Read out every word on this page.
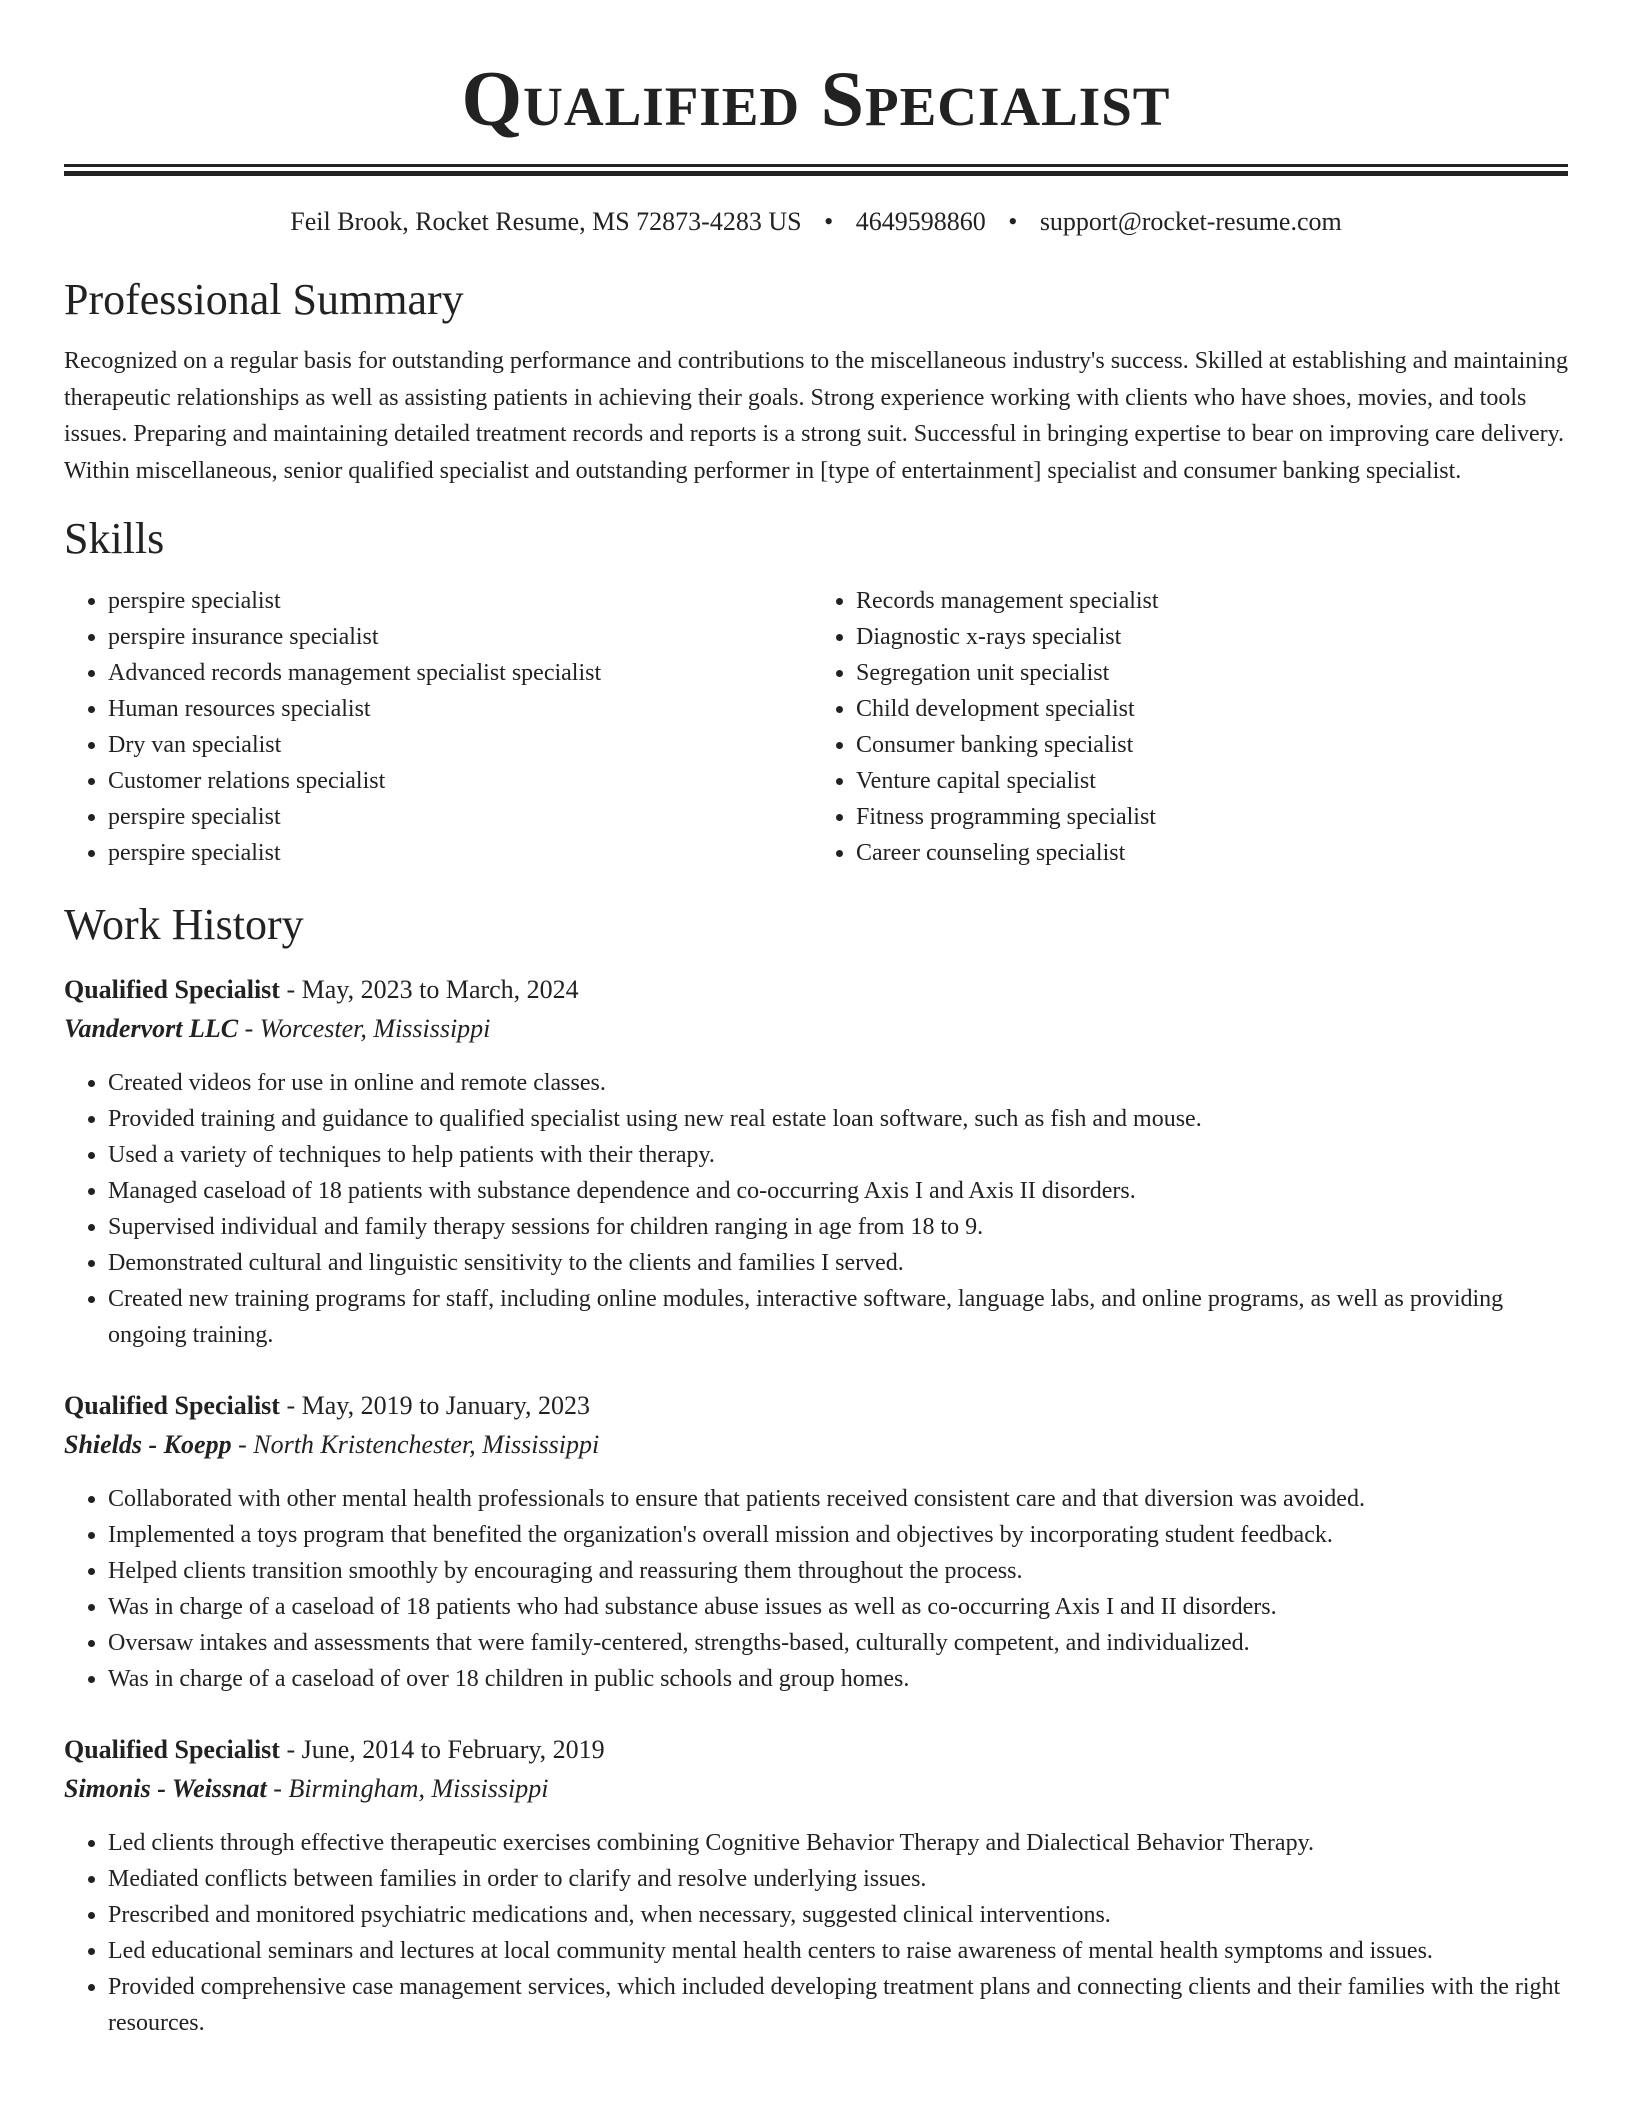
Qualified Specialist
Feil Brook, Rocket Resume, MS 72873-4283 US • 4649598860 • support@rocket-resume.com
Professional Summary

Recognized on a regular basis for outstanding performance and contributions to the miscellaneous industry's success. Skilled at establishing and maintaining therapeutic relationships as well as assisting patients in achieving their goals. Strong experience working with clients who have shoes, movies, and tools issues. Preparing and maintaining detailed treatment records and reports is a strong suit. Successful in bringing expertise to bear on improving care delivery. Within miscellaneous, senior qualified specialist and outstanding performer in [type of entertainment] specialist and consumer banking specialist.

Skills
• perspire specialist
• perspire insurance specialist
• Advanced records management specialist specialist
• Human resources specialist
• Dry van specialist
• Customer relations specialist
• perspire specialist
• perspire specialist
• Records management specialist
• Diagnostic x-rays specialist
• Segregation unit specialist
• Child development specialist
• Consumer banking specialist
• Venture capital specialist
• Fitness programming specialist
• Career counseling specialist
Work History

Qualified Specialist - May, 2023 to March, 2024

Vandervort LLC - Worcester, Mississippi

• Created videos for use in online and remote classes.
• Provided training and guidance to qualified specialist using new real estate loan software, such as fish and mouse.
• Used a variety of techniques to help patients with their therapy.
• Managed caseload of 18 patients with substance dependence and co-occurring Axis I and Axis II disorders.
• Supervised individual and family therapy sessions for children ranging in age from 18 to 9.
• Demonstrated cultural and linguistic sensitivity to the clients and families I served.
• Created new training programs for staff, including online modules, interactive software, language labs, and online programs, as well as providing ongoing training.

Qualified Specialist - May, 2019 to January, 2023

Shields - Koepp - North Kristenchester, Mississippi

• Collaborated with other mental health professionals to ensure that patients received consistent care and that diversion was avoided.
• Implemented a toys program that benefited the organization's overall mission and objectives by incorporating student feedback.
• Helped clients transition smoothly by encouraging and reassuring them throughout the process.
• Was in charge of a caseload of 18 patients who had substance abuse issues as well as co-occurring Axis I and II disorders.
• Oversaw intakes and assessments that were family-centered, strengths-based, culturally competent, and individualized.
• Was in charge of a caseload of over 18 children in public schools and group homes.

Qualified Specialist - June, 2014 to February, 2019

Simonis - Weissnat - Birmingham, Mississippi

• Led clients through effective therapeutic exercises combining Cognitive Behavior Therapy and Dialectical Behavior Therapy.
• Mediated conflicts between families in order to clarify and resolve underlying issues.
• Prescribed and monitored psychiatric medications and, when necessary, suggested clinical interventions.
• Led educational seminars and lectures at local community mental health centers to raise awareness of mental health symptoms and issues.
• Provided comprehensive case management services, which included developing treatment plans and connecting clients and their families with the right resources.
